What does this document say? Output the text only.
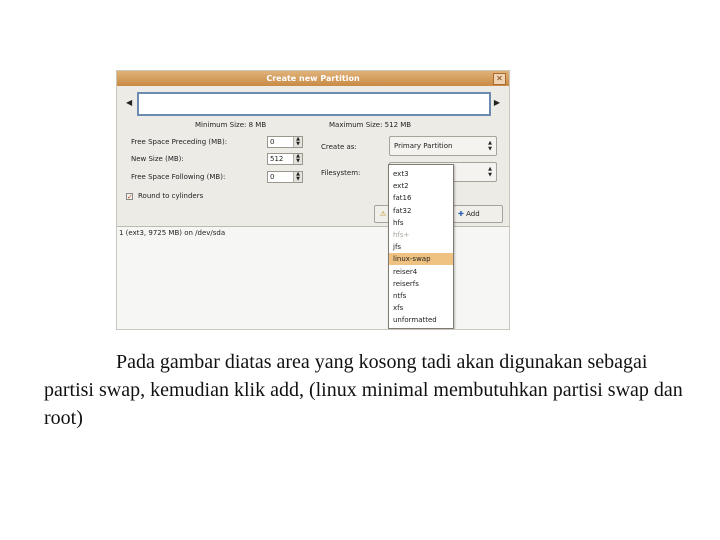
Create new Partition	✕
◀	▶
Minimum Size: 8 MB	Maximum Size: 512 MB
Free Space Preceding (MB):	0	▲
▼
New Size (MB):	512	▲
▼
Free Space Following (MB):	0	▲
▼
✓ Round to cylinders
Create as:	Primary Partition	▲
▼
Filesystem:	▲
▼
⚠	✚ Add
1 (ext3, 9725 MB) on /dev/sda
ext3
ext2
fat16
fat32
hfs
hfs+
jfs
linux-swap
reiser4
reiserfs
ntfs
xfs
unformatted

Pada gambar diatas area yang kosong tadi akan digunakan sebagai partisi swap, kemudian klik add, (linux minimal membutuhkan partisi swap dan root)
